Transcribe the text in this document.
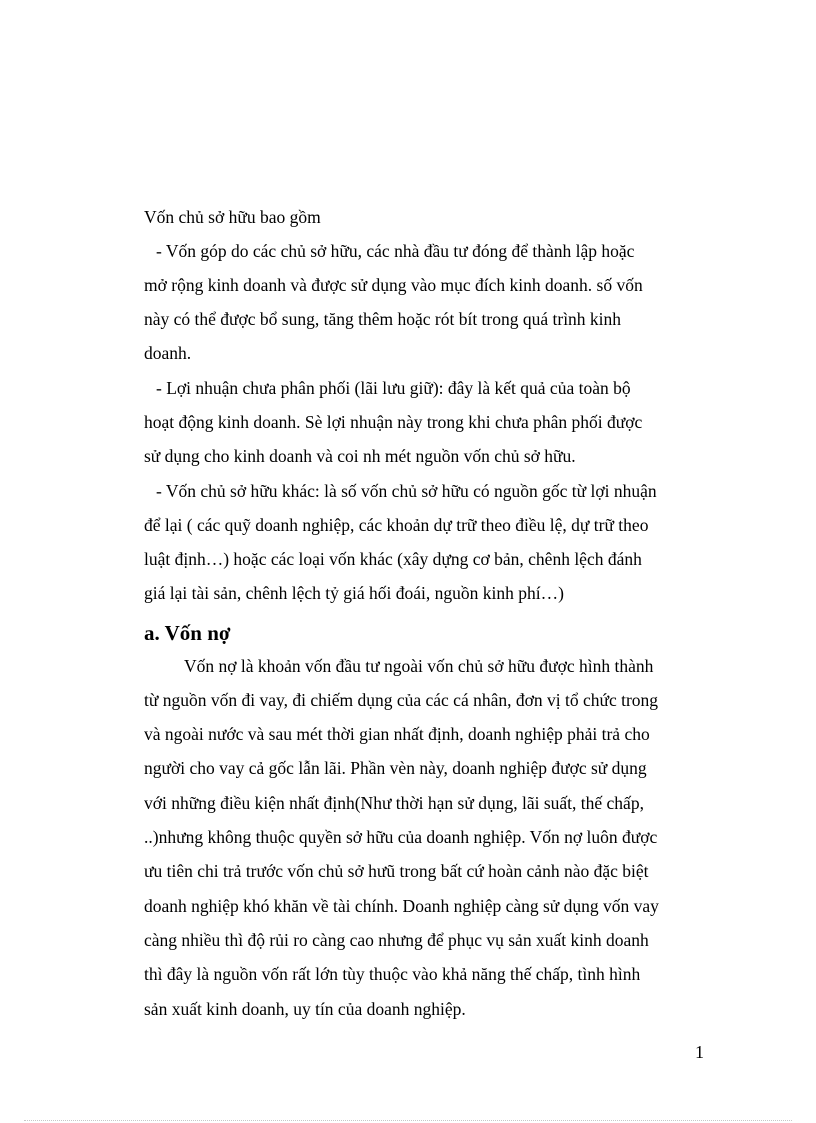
Vốn chủ sở hữu bao gồm
- Vốn góp do các chủ sở hữu, các nhà đầu tư đóng để thành lập hoặc
mở rộng kinh doanh và được sử dụng vào mục đích kinh doanh. số vốn
này có thể được bổ sung, tăng thêm hoặc rót bít trong quá trình kinh
doanh.
- Lợi nhuận chưa phân phối (lãi lưu giữ): đây là kết quả của toàn bộ
hoạt động kinh doanh. Sè lợi nhuận này trong khi chưa phân phối được
sử dụng cho kinh doanh và coi nh mét nguồn vốn chủ sở hữu.
- Vốn chủ sở hữu khác: là số vốn chủ sở hữu có nguồn gốc từ lợi nhuận
để lại ( các quỹ doanh nghiệp, các khoản dự trữ theo điều lệ, dự trữ theo
luật định…) hoặc các loại vốn khác (xây dựng cơ bản, chênh lệch đánh
giá lại tài sản, chênh lệch tỷ giá hối đoái, nguồn kinh phí…)
a. Vốn nợ
Vốn nợ là khoản vốn đầu tư ngoài vốn chủ sở hữu được hình thành
từ nguồn vốn đi vay, đi chiếm dụng của các cá nhân, đơn vị tổ chức trong
và ngoài nước và sau mét thời gian nhất định, doanh nghiệp phải trả cho
người cho vay cả gốc lẫn lãi. Phần vèn này, doanh nghiệp được sử dụng
với những điều kiện nhất định(Như thời hạn sử dụng, lãi suất, thế chấp,
..)nhưng không thuộc quyền sở hữu của doanh nghiệp. Vốn nợ luôn được
ưu tiên chi trả trước vốn chủ sở hưũ trong bất cứ hoàn cảnh nào đặc biệt
doanh nghiệp khó khăn về tài chính. Doanh nghiệp càng sử dụng vốn vay
càng nhiều thì độ rủi ro càng cao nhưng để phục vụ sản xuất kinh doanh
thì đây là nguồn vốn rất lớn tùy thuộc vào khả năng thế chấp, tình hình
sản xuất kinh doanh, uy tín của doanh nghiệp.
1
